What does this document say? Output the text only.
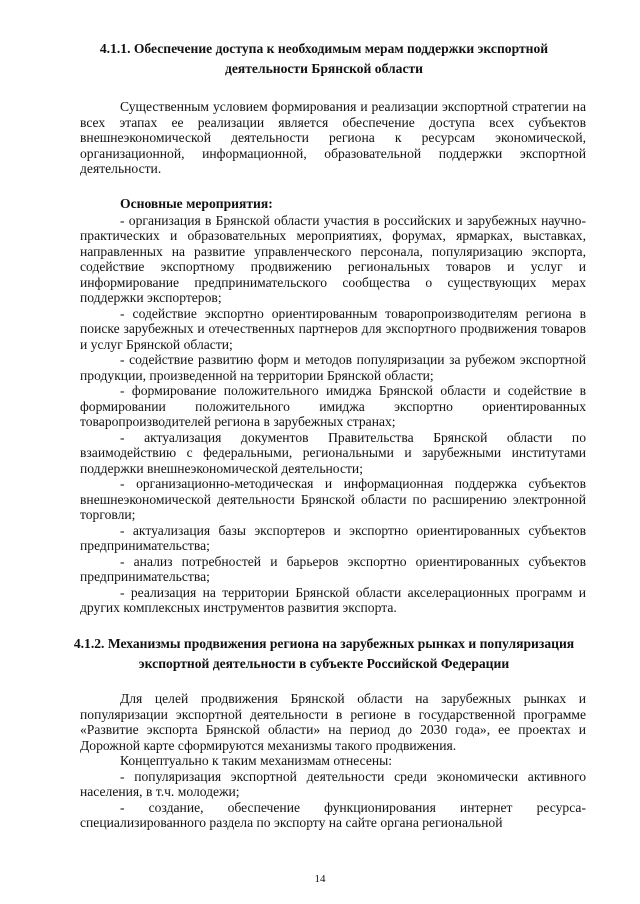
4.1.1. Обеспечение доступа к необходимым мерам поддержки экспортной деятельности Брянской области

Существенным условием формирования и реализации экспортной стратегии на всех этапах ее реализации является обеспечение доступа всех субъектов внешнеэкономической деятельности региона к ресурсам экономической, организационной, информационной, образовательной поддержки экспортной деятельности.

Основные мероприятия:

- организация в Брянской области участия в российских и зарубежных научно-практических и образовательных мероприятиях, форумах, ярмарках, выставках, направленных на развитие управленческого персонала, популяризацию экспорта, содействие экспортному продвижению региональных товаров и услуг и информирование предпринимательского сообщества о существующих мерах поддержки экспортеров;

- содействие экспортно ориентированным товаропроизводителям региона в поиске зарубежных и отечественных партнеров для экспортного продвижения товаров и услуг Брянской области;

- содействие развитию форм и методов популяризации за рубежом экспортной продукции, произведенной на территории Брянской области;

- формирование положительного имиджа Брянской области и содействие в формировании положительного имиджа экспортно ориентированных товаропроизводителей региона в зарубежных странах;

- актуализация документов Правительства Брянской области по взаимодействию с федеральными, региональными и зарубежными институтами поддержки внешнеэкономической деятельности;

- организационно-методическая и информационная поддержка субъектов внешнеэкономической деятельности Брянской области по расширению электронной торговли;

- актуализация базы экспортеров и экспортно ориентированных субъектов предпринимательства;

- анализ потребностей и барьеров экспортно ориентированных субъектов предпринимательства;

- реализация на территории Брянской области акселерационных программ и других комплексных инструментов развития экспорта.

4.1.2. Механизмы продвижения региона на зарубежных рынках и популяризация экспортной деятельности в субъекте Российской Федерации

Для целей продвижения Брянской области на зарубежных рынках и популяризации экспортной деятельности в регионе в государственной программе «Развитие экспорта Брянской области» на период до 2030 года», ее проектах и Дорожной карте сформируются механизмы такого продвижения.

Концептуально к таким механизмам отнесены:

- популяризация экспортной деятельности среди экономически активного населения, в т.ч. молодежи;

- создание, обеспечение функционирования интернет ресурса-специализированного раздела по экспорту на сайте органа региональной

14
